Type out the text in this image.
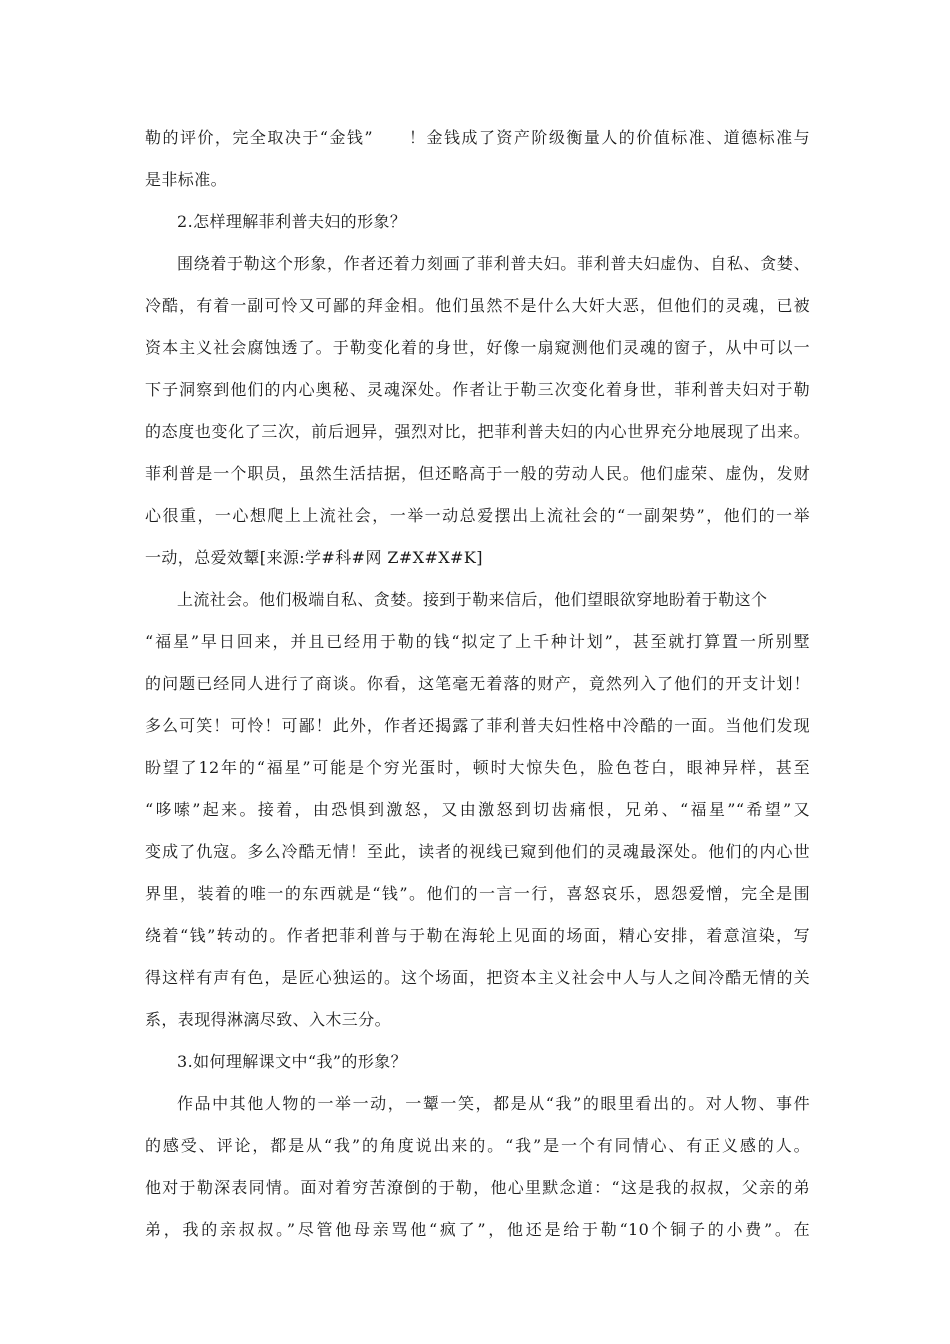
勒的评价，完全取决于“金钱”　　！金钱成了资产阶级衡量人的价值标准、道德标准与
是非标准。
2.怎样理解菲利普夫妇的形象？
围绕着于勒这个形象，作者还着力刻画了菲利普夫妇。菲利普夫妇虚伪、自私、贪婪、
冷酷，有着一副可怜又可鄙的拜金相。他们虽然不是什么大奸大恶，但他们的灵魂，已被
资本主义社会腐蚀透了。于勒变化着的身世，好像一扇窥测他们灵魂的窗子，从中可以一
下子洞察到他们的内心奥秘、灵魂深处。作者让于勒三次变化着身世，菲利普夫妇对于勒
的态度也变化了三次，前后迥异，强烈对比，把菲利普夫妇的内心世界充分地展现了出来。
菲利普是一个职员，虽然生活拮据，但还略高于一般的劳动人民。他们虚荣、虚伪，发财
心很重，一心想爬上上流社会，一举一动总爱摆出上流社会的“一副架势”，他们的一举
一动，总爱效颦[来源:学#科#网 Z#X#X#K]
上流社会。他们极端自私、贪婪。接到于勒来信后，他们望眼欲穿地盼着于勒这个
“福星”早日回来，并且已经用于勒的钱“拟定了上千种计划”，甚至就打算置一所别墅
的问题已经同人进行了商谈。你看，这笔毫无着落的财产，竟然列入了他们的开支计划！
多么可笑！可怜！可鄙！此外，作者还揭露了菲利普夫妇性格中冷酷的一面。当他们发现
盼望了12年的“福星”可能是个穷光蛋时，顿时大惊失色，脸色苍白，眼神异样，甚至
“哆嗦”起来。接着，由恐惧到激怒，又由激怒到切齿痛恨，兄弟、“福星”“希望”又
变成了仇寇。多么冷酷无情！至此，读者的视线已窥到他们的灵魂最深处。他们的内心世
界里，装着的唯一的东西就是“钱”。他们的一言一行，喜怒哀乐，恩怨爱憎，完全是围
绕着“钱”转动的。作者把菲利普与于勒在海轮上见面的场面，精心安排，着意渲染，写
得这样有声有色，是匠心独运的。这个场面，把资本主义社会中人与人之间冷酷无情的关
系，表现得淋漓尽致、入木三分。
3.如何理解课文中“我”的形象？
作品中其他人物的一举一动，一颦一笑，都是从“我”的眼里看出的。对人物、事件
的感受、评论，都是从“我”的角度说出来的。“我”是一个有同情心、有正义感的人。
他对于勒深表同情。面对着穷苦潦倒的于勒，他心里默念道：“这是我的叔叔，父亲的弟
弟，我的亲叔叔。”尽管他母亲骂他“疯了”，他还是给于勒“10个铜子的小费”。在
